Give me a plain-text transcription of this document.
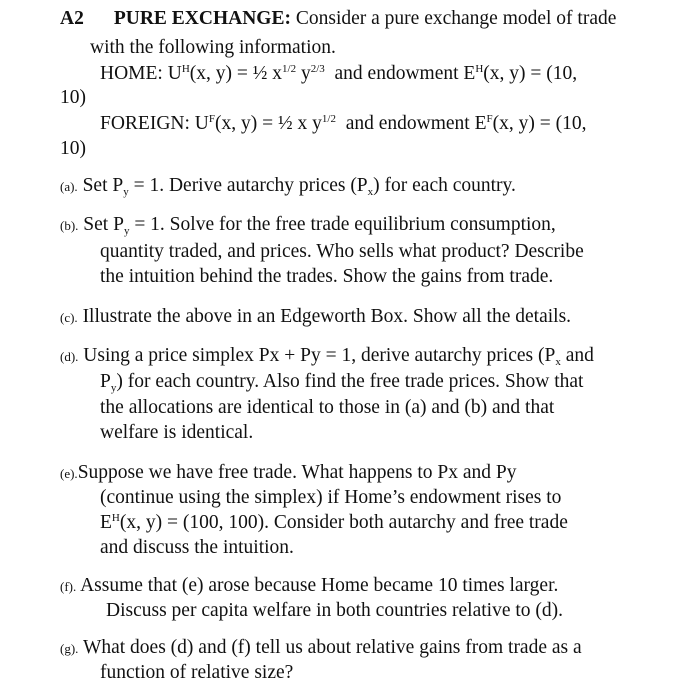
A2 PURE EXCHANGE: Consider a pure exchange model of trade
with the following information.
HOME: $U^H(x$, y) = ½ $x^{1/2}$ $y^{2/3}$ and endowment $E^H(x$, y) = (10,
10)
FOREIGN: $U^F(x$, y) = ½ x $y^{1/2}$ and endowment $E^F(x$, y) = (10,
10)
(a). Set $P_y = 1$. Derive autarchy prices $(P_x)$ for each country.
(b). Set $P_y = 1$. Solve for the free trade equilibrium consumption,
quantity traded, and prices. Who sells what product? Describe
the intuition behind the trades. Show the gains from trade.
(c). Illustrate the above in an Edgeworth Box. Show all the details.
(d). Using a price simplex Px + Py = 1, derive autarchy prices ($P_x$ and
$P_y$) for each country. Also find the free trade prices. Show that
the allocations are identical to those in (a) and (b) and that
welfare is identical.
(e).Suppose we have free trade. What happens to Px and Py
(continue using the simplex) if Home’s endowment rises to
$E^H(x$, y) = (100, 100). Consider both autarchy and free trade
and discuss the intuition.
(f). Assume that (e) arose because Home became 10 times larger.
Discuss per capita welfare in both countries relative to (d).
(g). What does (d) and (f) tell us about relative gains from trade as a
function of relative size?
